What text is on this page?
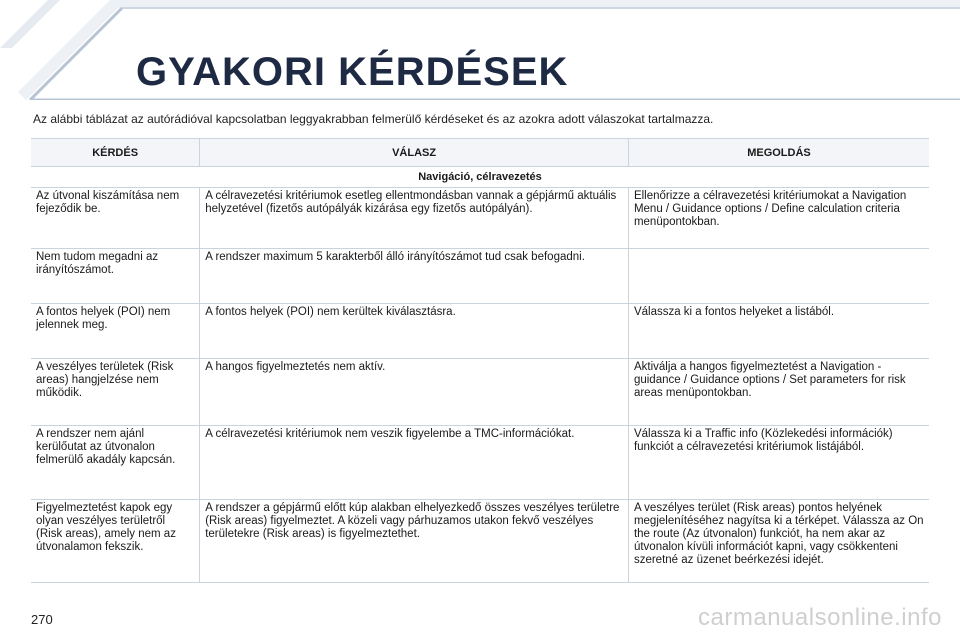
GYAKORI KÉRDÉSEK
Az alábbi táblázat az autórádióval kapcsolatban leggyakrabban felmerülő kérdéseket és az azokra adott válaszokat tartalmazza.
KÉRDÉS	VÁLASZ	MEGOLDÁS
Navigáció, célravezetés		
Az útvonal kiszámítása nem fejeződik be.	A célravezetési kritériumok esetleg ellentmondásban vannak a gépjármű aktuális helyzetével (fizetős autópályák kizárása egy fizetős autópályán).	Ellenőrizze a célravezetési kritériumokat a Navigation Menu / Guidance options / Define calculation criteria menüpontokban.
Nem tudom megadni az irányítószámot.	A rendszer maximum 5 karakterből álló irányítószámot tud csak befogadni.	
A fontos helyek (POI) nem jelennek meg.	A fontos helyek (POI) nem kerültek kiválasztásra.	Válassza ki a fontos helyeket a listából.
A veszélyes területek (Risk areas) hangjelzése nem működik.	A hangos figyelmeztetés nem aktív.	Aktiválja a hangos figyelmeztetést a Navigation - guidance / Guidance options / Set parameters for risk areas menüpontokban.
A rendszer nem ajánl kerülőutat az útvonalon felmerülő akadály kapcsán.	A célravezetési kritériumok nem veszik figyelembe a TMC-információkat.	Válassza ki a Traffic info (Közlekedési információk) funkciót a célravezetési kritériumok listájából.
Figyelmeztetést kapok egy olyan veszélyes területről (Risk areas), amely nem az útvonalamon fekszik.	A rendszer a gépjármű előtt kúp alakban elhelyezkedő összes veszélyes területre (Risk areas) figyelmeztet. A közeli vagy párhuzamos utakon fekvő veszélyes területekre (Risk areas) is figyelmeztethet.	A veszélyes terület (Risk areas) pontos helyének megjelenítéséhez nagyítsa ki a térképet. Válassza az On the route (Az útvonalon) funkciót, ha nem akar az útvonalon kívüli információt kapni, vagy csökkenteni szeretné az üzenet beérkezési idejét.
270	carmanualsonline.info
